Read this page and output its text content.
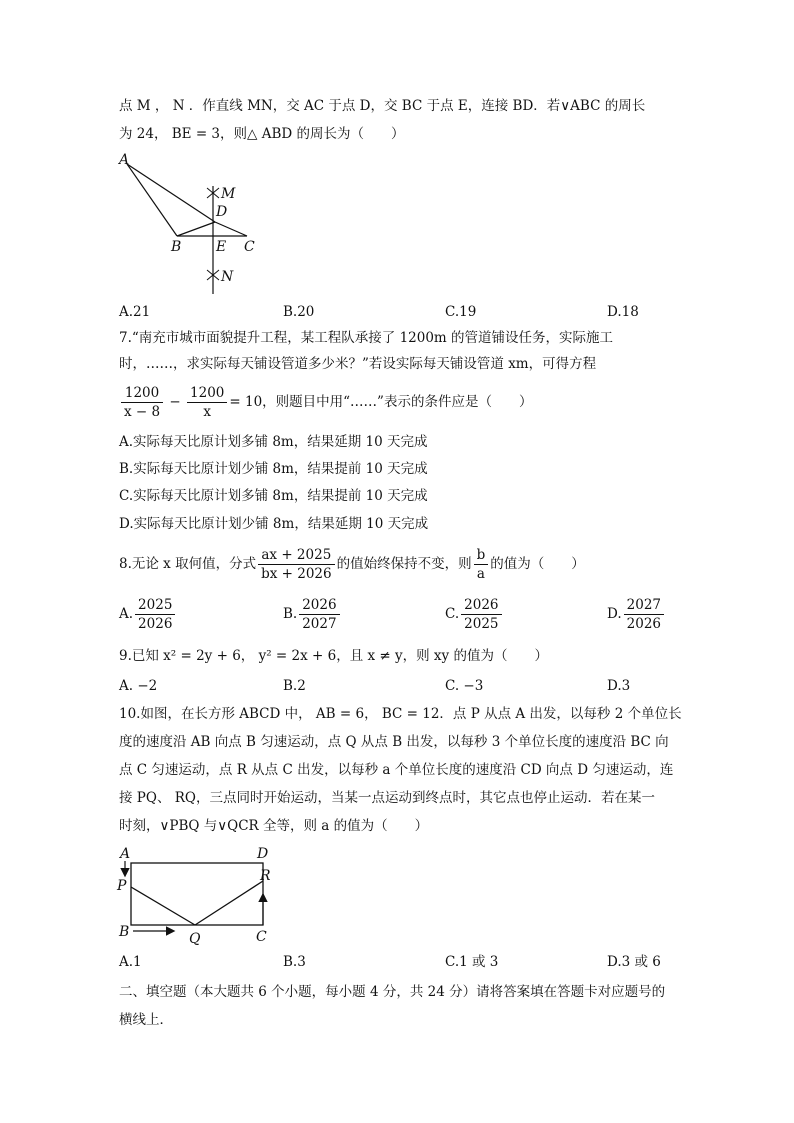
点 M ， N ．作直线 MN，交 AC 于点 D，交 BC 于点 E，连接 BD．若∨ABC 的周长
为 24， BE = 3，则△ ABD 的周长为（　　）
A
M
D
B E C
N
A.21	B.20	C.19	D.18
7.“南充市城市面貌提升工程，某工程队承接了 1200m 的管道铺设任务，实际施工
时，……，求实际每天铺设管道多少米？”若设实际每天铺设管道 xm，可得方程
$\frac{1200}{x - 8} - \frac{1200}{x} = 10$，则题目中用“……”表示的条件应是（　　）
A.实际每天比原计划多铺 8m，结果延期 10 天完成
B.实际每天比原计划少铺 8m，结果提前 10 天完成
C.实际每天比原计划多铺 8m，结果提前 10 天完成
D.实际每天比原计划少铺 8m，结果延期 10 天完成
8.无论 x 取何值，分式 $\frac{ax + 2025}{bx + 2026}$ 的值始终保持不变，则 $\frac{b}{a}$ 的值为（　　）
A. $\frac{2025}{2026}$	B. $\frac{2026}{2027}$	C. $\frac{2026}{2025}$	D. $\frac{2027}{2026}$
9.已知 x² = 2y + 6， y² = 2x + 6，且 x ≠ y，则 xy 的值为（　　）
A. −2	B.2	C. −3	D.3
10.如图，在长方形 ABCD 中， AB = 6， BC = 12．点 P 从点 A 出发，以每秒 2 个单位长
度的速度沿 AB 向点 B 匀速运动，点 Q 从点 B 出发，以每秒 3 个单位长度的速度沿 BC 向
点 C 匀速运动，点 R 从点 C 出发，以每秒 a 个单位长度的速度沿 CD 向点 D 匀速运动，连
接 PQ、 RQ，三点同时开始运动，当某一点运动到终点时，其它点也停止运动．若在某一
时刻，∨PBQ 与∨QCR 全等，则 a 的值为（　　）
A	D
P
R
B	Q	C
A.1	B.3	C.1 或 3	D.3 或 6
二、填空题（本大题共 6 个小题，每小题 4 分，共 24 分）请将答案填在答题卡对应题号的
横线上．
